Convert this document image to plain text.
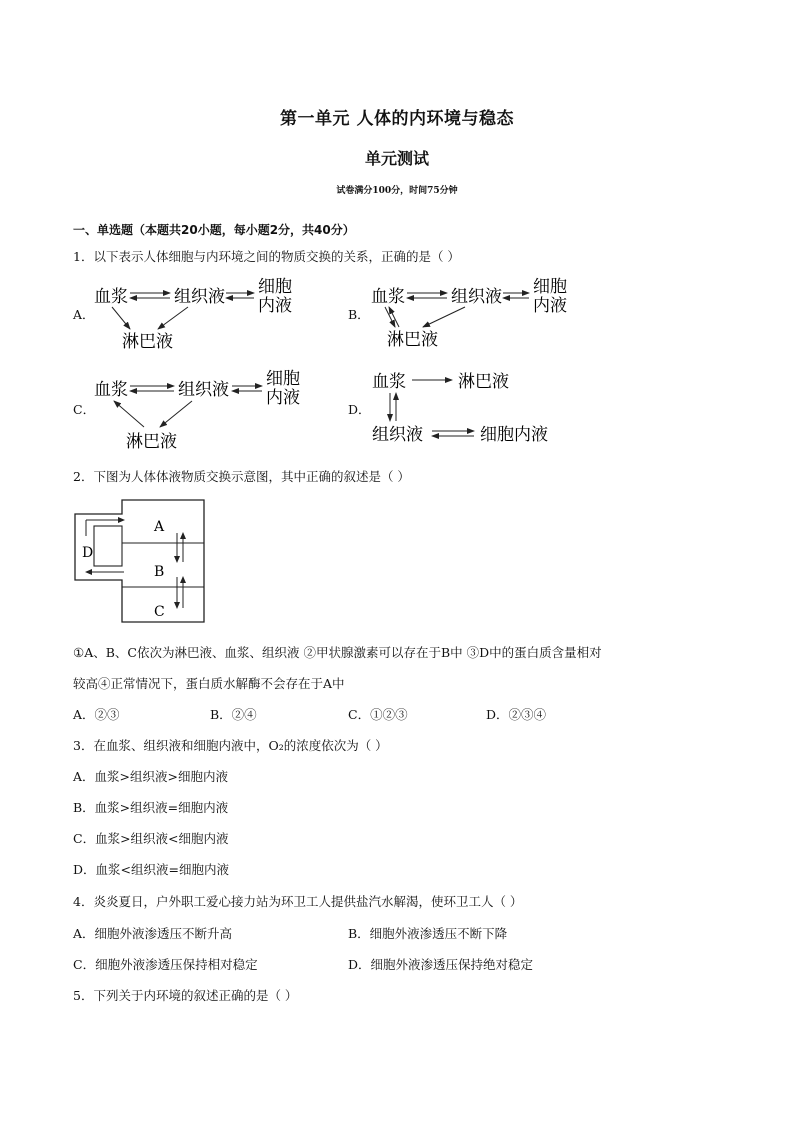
第一单元 人体的内环境与稳态
单元测试
试卷满分100分，时间75分钟
一、单选题（本题共20小题，每小题2分，共40分）
1．以下表示人体细胞与内环境之间的物质交换的关系，正确的是（ ）
A．
血浆	组织液 细胞
内液
淋巴液
B．
血浆	组织液 细胞
内液
淋巴液
C．
血浆	组织液
细胞
内液
淋巴液
D．
血浆	淋巴液
组织液	细胞内液
2．下图为人体体液物质交换示意图，其中正确的叙述是（ ）
A
B
C
D
①A、B、C依次为淋巴液、血浆、组织液 ②甲状腺激素可以存在于B中 ③D中的蛋白质含量相对
较高④正常情况下，蛋白质水解酶不会存在于A中
A．②③	B．②④	C．①②③	D．②③④
3．在血浆、组织液和细胞内液中，O₂的浓度依次为（ ）
A．血浆>组织液>细胞内液
B．血浆>组织液=细胞内液
C．血浆>组织液<细胞内液
D．血浆<组织液=细胞内液
4．炎炎夏日，户外职工爱心接力站为环卫工人提供盐汽水解渴，使环卫工人（ ）
A．细胞外液渗透压不断升高	B．细胞外液渗透压不断下降
C．细胞外液渗透压保持相对稳定	D．细胞外液渗透压保持绝对稳定
5．下列关于内环境的叙述正确的是（ ）
